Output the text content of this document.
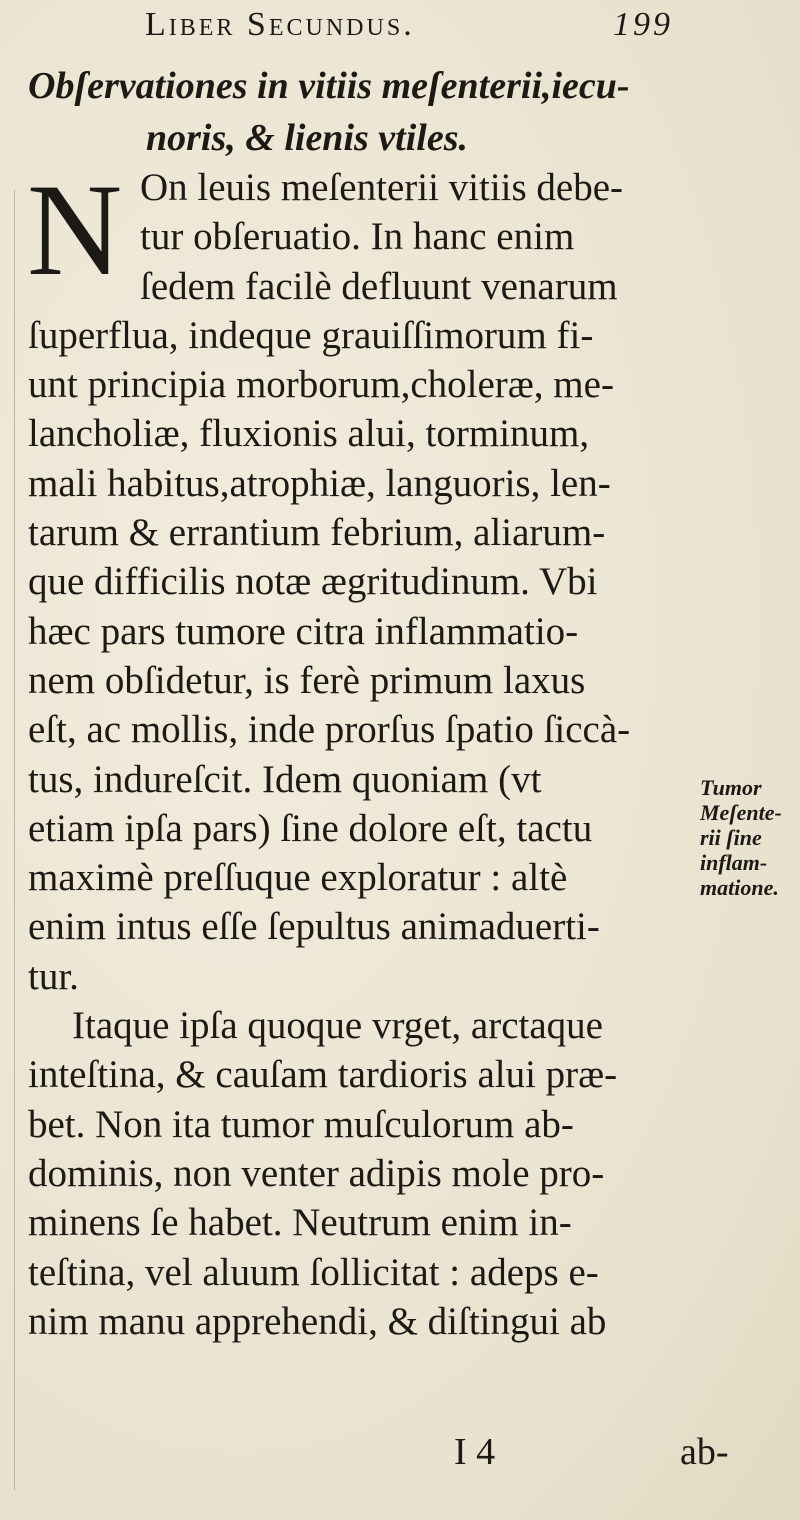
Liber Secundus.	199
Obſervationes in vitiis meſenterii,iecu-
noris, & lienis vtiles.
N On leuis meſenterii vitiis debe-
tur obſeruatio. In hanc enim
ſedem facilè defluunt venarum
ſuperflua, indeque grauiſſimorum fi-
unt principia morborum,choleræ, me-
lancholiæ, fluxionis alui, torminum,
mali habitus,atrophiæ, languoris, len-
tarum & errantium febrium, aliarum-
que difficilis notæ ægritudinum. Vbi
hæc pars tumore citra inflammatio-
nem obſidetur, is ferè primum laxus
eſt, ac mollis, inde prorſus ſpatio ſiccà-
tus, indureſcit. Idem quoniam (vt
etiam ipſa pars) ſine dolore eſt, tactu
maximè preſſuque exploratur : altè
enim intus eſſe ſepultus animaduerti-
tur.
Itaque ipſa quoque vrget, arctaque
inteſtina, & cauſam tardioris alui præ-
bet. Non ita tumor muſculorum ab-
dominis, non venter adipis mole pro-
minens ſe habet. Neutrum enim in-
teſtina, vel aluum ſollicitat : adeps e-
nim manu apprehendi, & diſtingui ab
Tumor
Meſente-
rii ſine
inflam-
matione.
I 4	ab-
